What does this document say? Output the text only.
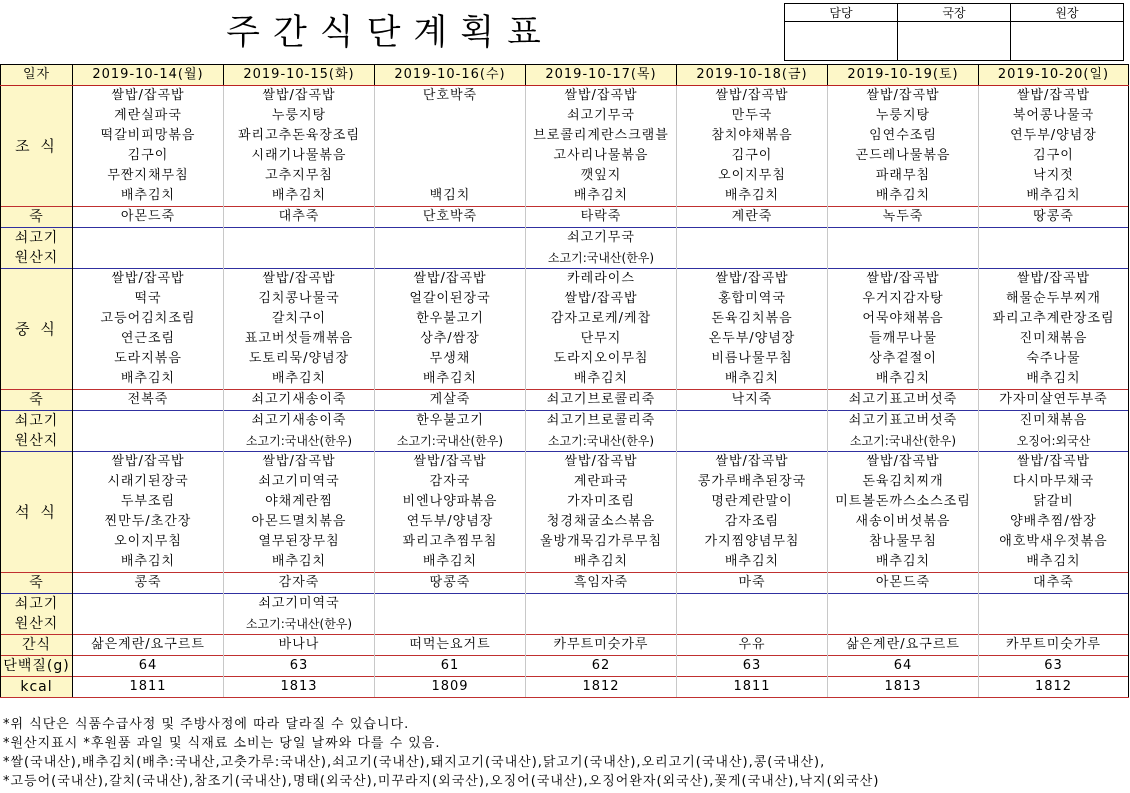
주간식단계획표	담당	국장	원장

일자	2019-10-14(월)	2019-10-15(화)	2019-10-16(수)	2019-10-17(목)	2019-10-18(금)	2019-10-19(토)	2019-10-20(일)
조 식	쌀밥/잡곡밥	쌀밥/잡곡밥	단호박죽	쌀밥/잡곡밥	쌀밥/잡곡밥	쌀밥/잡곡밥	쌀밥/잡곡밥
	계란실파국	누룽지탕		쇠고기무국	만두국	누룽지탕	북어콩나물국
	떡갈비피망볶음	꽈리고추돈육장조림		브로콜리계란스크램블	참치야채볶음	임연수조림	연두부/양념장
	김구이	시래기나물볶음		고사리나물볶음	김구이	곤드레나물볶음	김구이
	무짠지채무침	고추지무침		깻잎지	오이지무침	파래무침	낙지젓
	배추김치	배추김치	백김치	배추김치	배추김치	배추김치	배추김치
죽	아몬드죽	대추죽	단호박죽	타락죽	계란죽	녹두죽	땅콩죽
쇠고기				쇠고기무국			
원산지				소고기:국내산(한우)			
중 식	쌀밥/잡곡밥	쌀밥/잡곡밥	쌀밥/잡곡밥	카레라이스	쌀밥/잡곡밥	쌀밥/잡곡밥	쌀밥/잡곡밥
	떡국	김치콩나물국	얼갈이된장국	쌀밥/잡곡밥	홍합미역국	우거지감자탕	해물순두부찌개
	고등어김치조림	갈치구이	한우불고기	감자고로케/케찹	돈육김치볶음	어묵야채볶음	꽈리고추계란장조림
	연근조림	표고버섯들깨볶음	상추/쌈장	단무지	온두부/양념장	들깨무나물	진미채볶음
	도라지볶음	도토리묵/양념장	무생채	도라지오이무침	비름나물무침	상추겉절이	숙주나물
	배추김치	배추김치	배추김치	배추김치	배추김치	배추김치	배추김치
죽	전복죽	쇠고기새송이죽	게살죽	쇠고기브로콜리죽	낙지죽	쇠고기표고버섯죽	가자미살연두부죽
쇠고기		쇠고기새송이죽	한우불고기	쇠고기브로콜리죽		쇠고기표고버섯죽	진미채볶음
원산지		소고기:국내산(한우)	소고기:국내산(한우)	소고기:국내산(한우)		소고기:국내산(한우)	오징어:외국산
석 식	쌀밥/잡곡밥	쌀밥/잡곡밥	쌀밥/잡곡밥	쌀밥/잡곡밥	쌀밥/잡곡밥	쌀밥/잡곡밥	쌀밥/잡곡밥
	시래기된장국	쇠고기미역국	감자국	계란파국	콩가루배추된장국	돈육김치찌개	다시마무채국
	두부조림	야채계란찜	비엔나양파볶음	가자미조림	명란계란말이	미트볼돈까스소스조림	닭갈비
	찐만두/초간장	아몬드멸치볶음	연두부/양념장	청경채굴소스볶음	감자조림	새송이버섯볶음	양배추찜/쌈장
	오이지무침	열무된장무침	꽈리고추찜무침	울방개묵김가루무침	가지찜양념무침	참나물무침	애호박새우젓볶음
	배추김치	배추김치	배추김치	배추김치	배추김치	배추김치	배추김치
죽	콩죽	감자죽	땅콩죽	흑임자죽	마죽	아몬드죽	대추죽
쇠고기		쇠고기미역국					
원산지		소고기:국내산(한우)					
간식	삶은계란/요구르트	바나나	떠먹는요거트	카무트미숫가루	우유	삶은계란/요구르트	카무트미숫가루
단백질(g)	64	63	61	62	63	64	63
kcal	1811	1813	1809	1812	1811	1813	1812
*위 식단은 식품수급사정 및 주방사정에 따라 달라질 수 있습니다.
*원산지표시 *후원품 과일 및 식재료 소비는 당일 날짜와 다를 수 있음.
*쌀(국내산),배추김치(배추:국내산,고춧가루:국내산),쇠고기(국내산),돼지고기(국내산),닭고기(국내산),오리고기(국내산),콩(국내산),
*고등어(국내산),갈치(국내산),참조기(국내산),명태(외국산),미꾸라지(외국산),오징어(국내산),오징어완자(외국산),꽃게(국내산),낙지(외국산)
